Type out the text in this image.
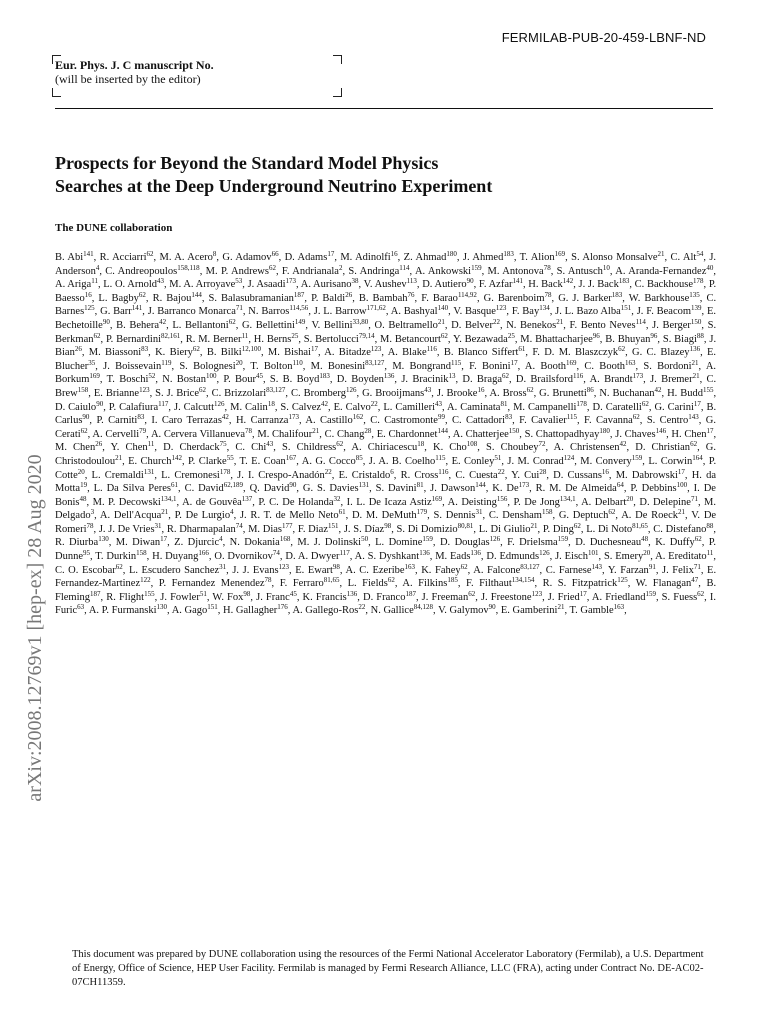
FERMILAB-PUB-20-459-LBNF-ND
Eur. Phys. J. C manuscript No.
(will be inserted by the editor)
Prospects for Beyond the Standard Model Physics
Searches at the Deep Underground Neutrino Experiment
The DUNE collaboration
B. Abi$^{141}$, R. Acciarri$^{62}$, M. A. Acero$^8$, G. Adamov$^{66}$, D. Adams$^{17}$, M. Adinolfi$^{16}$, Z. Ahmad$^{180}$, J. Ahmed$^{183}$, T. Alion$^{169}$, S. Alonso Monsalve$^{21}$, C. Alt$^{54}$, J. Anderson$^4$, C. Andreopoulos$^{158,118}$, M. P. Andrews$^{62}$, F. Andrianala$^2$, S. Andringa$^{114}$, A. Ankowski$^{159}$, M. Antonova$^{78}$, S. Antusch$^{10}$, A. Aranda-Fernandez$^{40}$, A. Ariga$^{11}$, L. O. Arnold$^{43}$, M. A. Arroyave$^{53}$, J. Asaadi$^{173}$, A. Aurisano$^{38}$, V. Aushev$^{113}$, D. Autiero$^{90}$, F. Azfar$^{141}$, H. Back$^{142}$, J. J. Back$^{183}$, C. Backhouse$^{178}$, P. Baesso$^{16}$, L. Bagby$^{62}$, R. Bajou$^{144}$, S. Balasubramanian$^{187}$, P. Baldi$^{26}$, B. Bambah$^{76}$, F. Barao$^{114,92}$, G. Barenboim$^{78}$, G. J. Barker$^{183}$, W. Barkhouse$^{135}$, C. Barnes$^{125}$, G. Barr$^{141}$, J. Barranco Monarca$^{71}$, N. Barros$^{114,56}$, J. L. Barrow$^{171,62}$, A. Bashyal$^{140}$, V. Basque$^{123}$, F. Bay$^{134}$, J. L. Bazo Alba$^{151}$, J. F. Beacom$^{139}$, E. Bechetoille$^{90}$, B. Behera$^{42}$, L. Bellantoni$^{62}$, G. Bellettini$^{149}$, V. Bellini$^{33,80}$, O. Beltramello$^{21}$, D. Belver$^{22}$, N. Benekos$^{21}$, F. Bento Neves$^{114}$, J. Berger$^{150}$, S. Berkman$^{62}$, P. Bernardini$^{82,161}$, R. M. Berner$^{11}$, H. Berns$^{25}$, S. Bertolucci$^{79,14}$, M. Betancourt$^{62}$, Y. Bezawada$^{25}$, M. Bhattacharjee$^{96}$, B. Bhuyan$^{96}$, S. Biagi$^{88}$, J. Bian$^{26}$, M. Biassoni$^{83}$, K. Biery$^{62}$, B. Bilki$^{12,100}$, M. Bishai$^{17}$, A. Bitadze$^{123}$, A. Blake$^{116}$, B. Blanco Siffert$^{61}$, F. D. M. Blaszczyk$^{62}$, G. C. Blazey$^{136}$, E. Blucher$^{35}$, J. Boissevain$^{119}$, S. Bolognesi$^{20}$, T. Bolton$^{110}$, M. Bonesini$^{83,127}$, M. Bongrand$^{115}$, F. Bonini$^{17}$, A. Booth$^{169}$, C. Booth$^{163}$, S. Bordoni$^{21}$, A. Borkum$^{169}$, T. Boschi$^{52}$, N. Bostan$^{100}$, P. Bour$^{45}$, S. B. Boyd$^{183}$, D. Boyden$^{136}$, J. Bracinik$^{13}$, D. Braga$^{62}$, D. Brailsford$^{116}$, A. Brandt$^{173}$, J. Bremer$^{21}$, C. Brew$^{158}$, E. Brianne$^{123}$, S. J. Brice$^{62}$, C. Brizzolari$^{83,127}$, C. Bromberg$^{126}$, G. Brooijmans$^{43}$, J. Brooke$^{16}$, A. Bross$^{62}$, G. Brunetti$^{86}$, N. Buchanan$^{42}$, H. Budd$^{155}$, D. Caiulo$^{90}$, P. Calafiura$^{117}$, J. Calcutt$^{126}$, M. Calin$^{18}$, S. Calvez$^{42}$, E. Calvo$^{22}$, L. Camilleri$^{43}$, A. Caminata$^{81}$, M. Campanelli$^{178}$, D. Caratelli$^{62}$, G. Carini$^{17}$, B. Carlus$^{90}$, P. Carniti$^{83}$, I. Caro Terrazas$^{42}$, H. Carranza$^{173}$, A. Castillo$^{162}$, C. Castromonte$^{99}$, C. Cattadori$^{83}$, F. Cavalier$^{115}$, F. Cavanna$^{62}$, S. Centro$^{143}$, G. Cerati$^{62}$, A. Cervelli$^{79}$, A. Cervera Villanueva$^{78}$, M. Chalifour$^{21}$, C. Chang$^{28}$, E. Chardonnet$^{144}$, A. Chatterjee$^{150}$, S. Chattopadhyay$^{180}$, J. Chaves$^{146}$, H. Chen$^{17}$, M. Chen$^{26}$, Y. Chen$^{11}$, D. Cherdack$^{75}$, C. Chi$^{43}$, S. Childress$^{62}$, A. Chiriacescu$^{18}$, K. Cho$^{108}$, S. Choubey$^{72}$, A. Christensen$^{42}$, D. Christian$^{62}$, G. Christodoulou$^{21}$, E. Church$^{142}$, P. Clarke$^{55}$, T. E. Coan$^{167}$, A. G. Cocco$^{85}$, J. A. B. Coelho$^{115}$, E. Conley$^{51}$, J. M. Conrad$^{124}$, M. Convery$^{159}$, L. Corwin$^{164}$, P. Cotte$^{20}$, L. Cremaldi$^{131}$, L. Cremonesi$^{178}$, J. I. Crespo-Anadón$^{22}$, E. Cristaldo$^6$, R. Cross$^{116}$, C. Cuesta$^{22}$, Y. Cui$^{28}$, D. Cussans$^{16}$, M. Dabrowski$^{17}$, H. da Motta$^{19}$, L. Da Silva Peres$^{61}$, C. David$^{62,189}$, Q. David$^{90}$, G. S. Davies$^{131}$, S. Davini$^{81}$, J. Dawson$^{144}$, K. De$^{173}$, R. M. De Almeida$^{64}$, P. Debbins$^{100}$, I. De Bonis$^{48}$, M. P. Decowski$^{134,1}$, A. de Gouvêa$^{137}$, P. C. De Holanda$^{32}$, I. L. De Icaza Astiz$^{169}$, A. Deisting$^{156}$, P. De Jong$^{134,1}$, A. Delbart$^{20}$, D. Delepine$^{71}$, M. Delgado$^3$, A. Dell'Acqua$^{21}$, P. De Lurgio$^4$, J. R. T. de Mello Neto$^{61}$, D. M. DeMuth$^{179}$, S. Dennis$^{31}$, C. Densham$^{158}$, G. Deptuch$^{62}$, A. De Roeck$^{21}$, V. De Romeri$^{78}$, J. J. De Vries$^{31}$, R. Dharmapalan$^{74}$, M. Dias$^{177}$, F. Diaz$^{151}$, J. S. Díaz$^{98}$, S. Di Domizio$^{80,81}$, L. Di Giulio$^{21}$, P. Ding$^{62}$, L. Di Noto$^{81,65}$, C. Distefano$^{88}$, R. Diurba$^{130}$, M. Diwan$^{17}$, Z. Djurcic$^4$, N. Dokania$^{168}$, M. J. Dolinski$^{50}$, L. Domine$^{159}$, D. Douglas$^{126}$, F. Drielsma$^{159}$, D. Duchesneau$^{48}$, K. Duffy$^{62}$, P. Dunne$^{95}$, T. Durkin$^{158}$, H. Duyang$^{166}$, O. Dvornikov$^{74}$, D. A. Dwyer$^{117}$, A. S. Dyshkant$^{136}$, M. Eads$^{136}$, D. Edmunds$^{126}$, J. Eisch$^{101}$, S. Emery$^{20}$, A. Ereditato$^{11}$, C. O. Escobar$^{62}$, L. Escudero Sanchez$^{31}$, J. J. Evans$^{123}$, E. Ewart$^{98}$, A. C. Ezeribe$^{163}$, K. Fahey$^{62}$, A. Falcone$^{83,127}$, C. Farnese$^{143}$, Y. Farzan$^{91}$, J. Felix$^{71}$, E. Fernandez-Martinez$^{122}$, P. Fernandez Menendez$^{78}$, F. Ferraro$^{81,65}$, L. Fields$^{62}$, A. Filkins$^{185}$, F. Filthaut$^{134,154}$, R. S. Fitzpatrick$^{125}$, W. Flanagan$^{47}$, B. Fleming$^{187}$, R. Flight$^{155}$, J. Fowler$^{51}$, W. Fox$^{98}$, J. Franc$^{45}$, K. Francis$^{136}$, D. Franco$^{187}$, J. Freeman$^{62}$, J. Freestone$^{123}$, J. Fried$^{17}$, A. Friedland$^{159}$, S. Fuess$^{62}$, I. Furic$^{63}$, A. P. Furmanski$^{130}$, A. Gago$^{151}$, H. Gallagher$^{176}$, A. Gallego-Ros$^{22}$, N. Gallice$^{84,128}$, V. Galymov$^{90}$, E. Gamberini$^{21}$, T. Gamble$^{163}$,
arXiv:2008.12769v1 [hep-ex] 28 Aug 2020
This document was prepared by DUNE collaboration using the resources of the Fermi National Accelerator Laboratory (Fermilab), a U.S. Department of Energy, Office of Science, HEP User Facility. Fermilab is managed by Fermi Research Alliance, LLC (FRA), acting under Contract No. DE-AC02-07CH11359.
